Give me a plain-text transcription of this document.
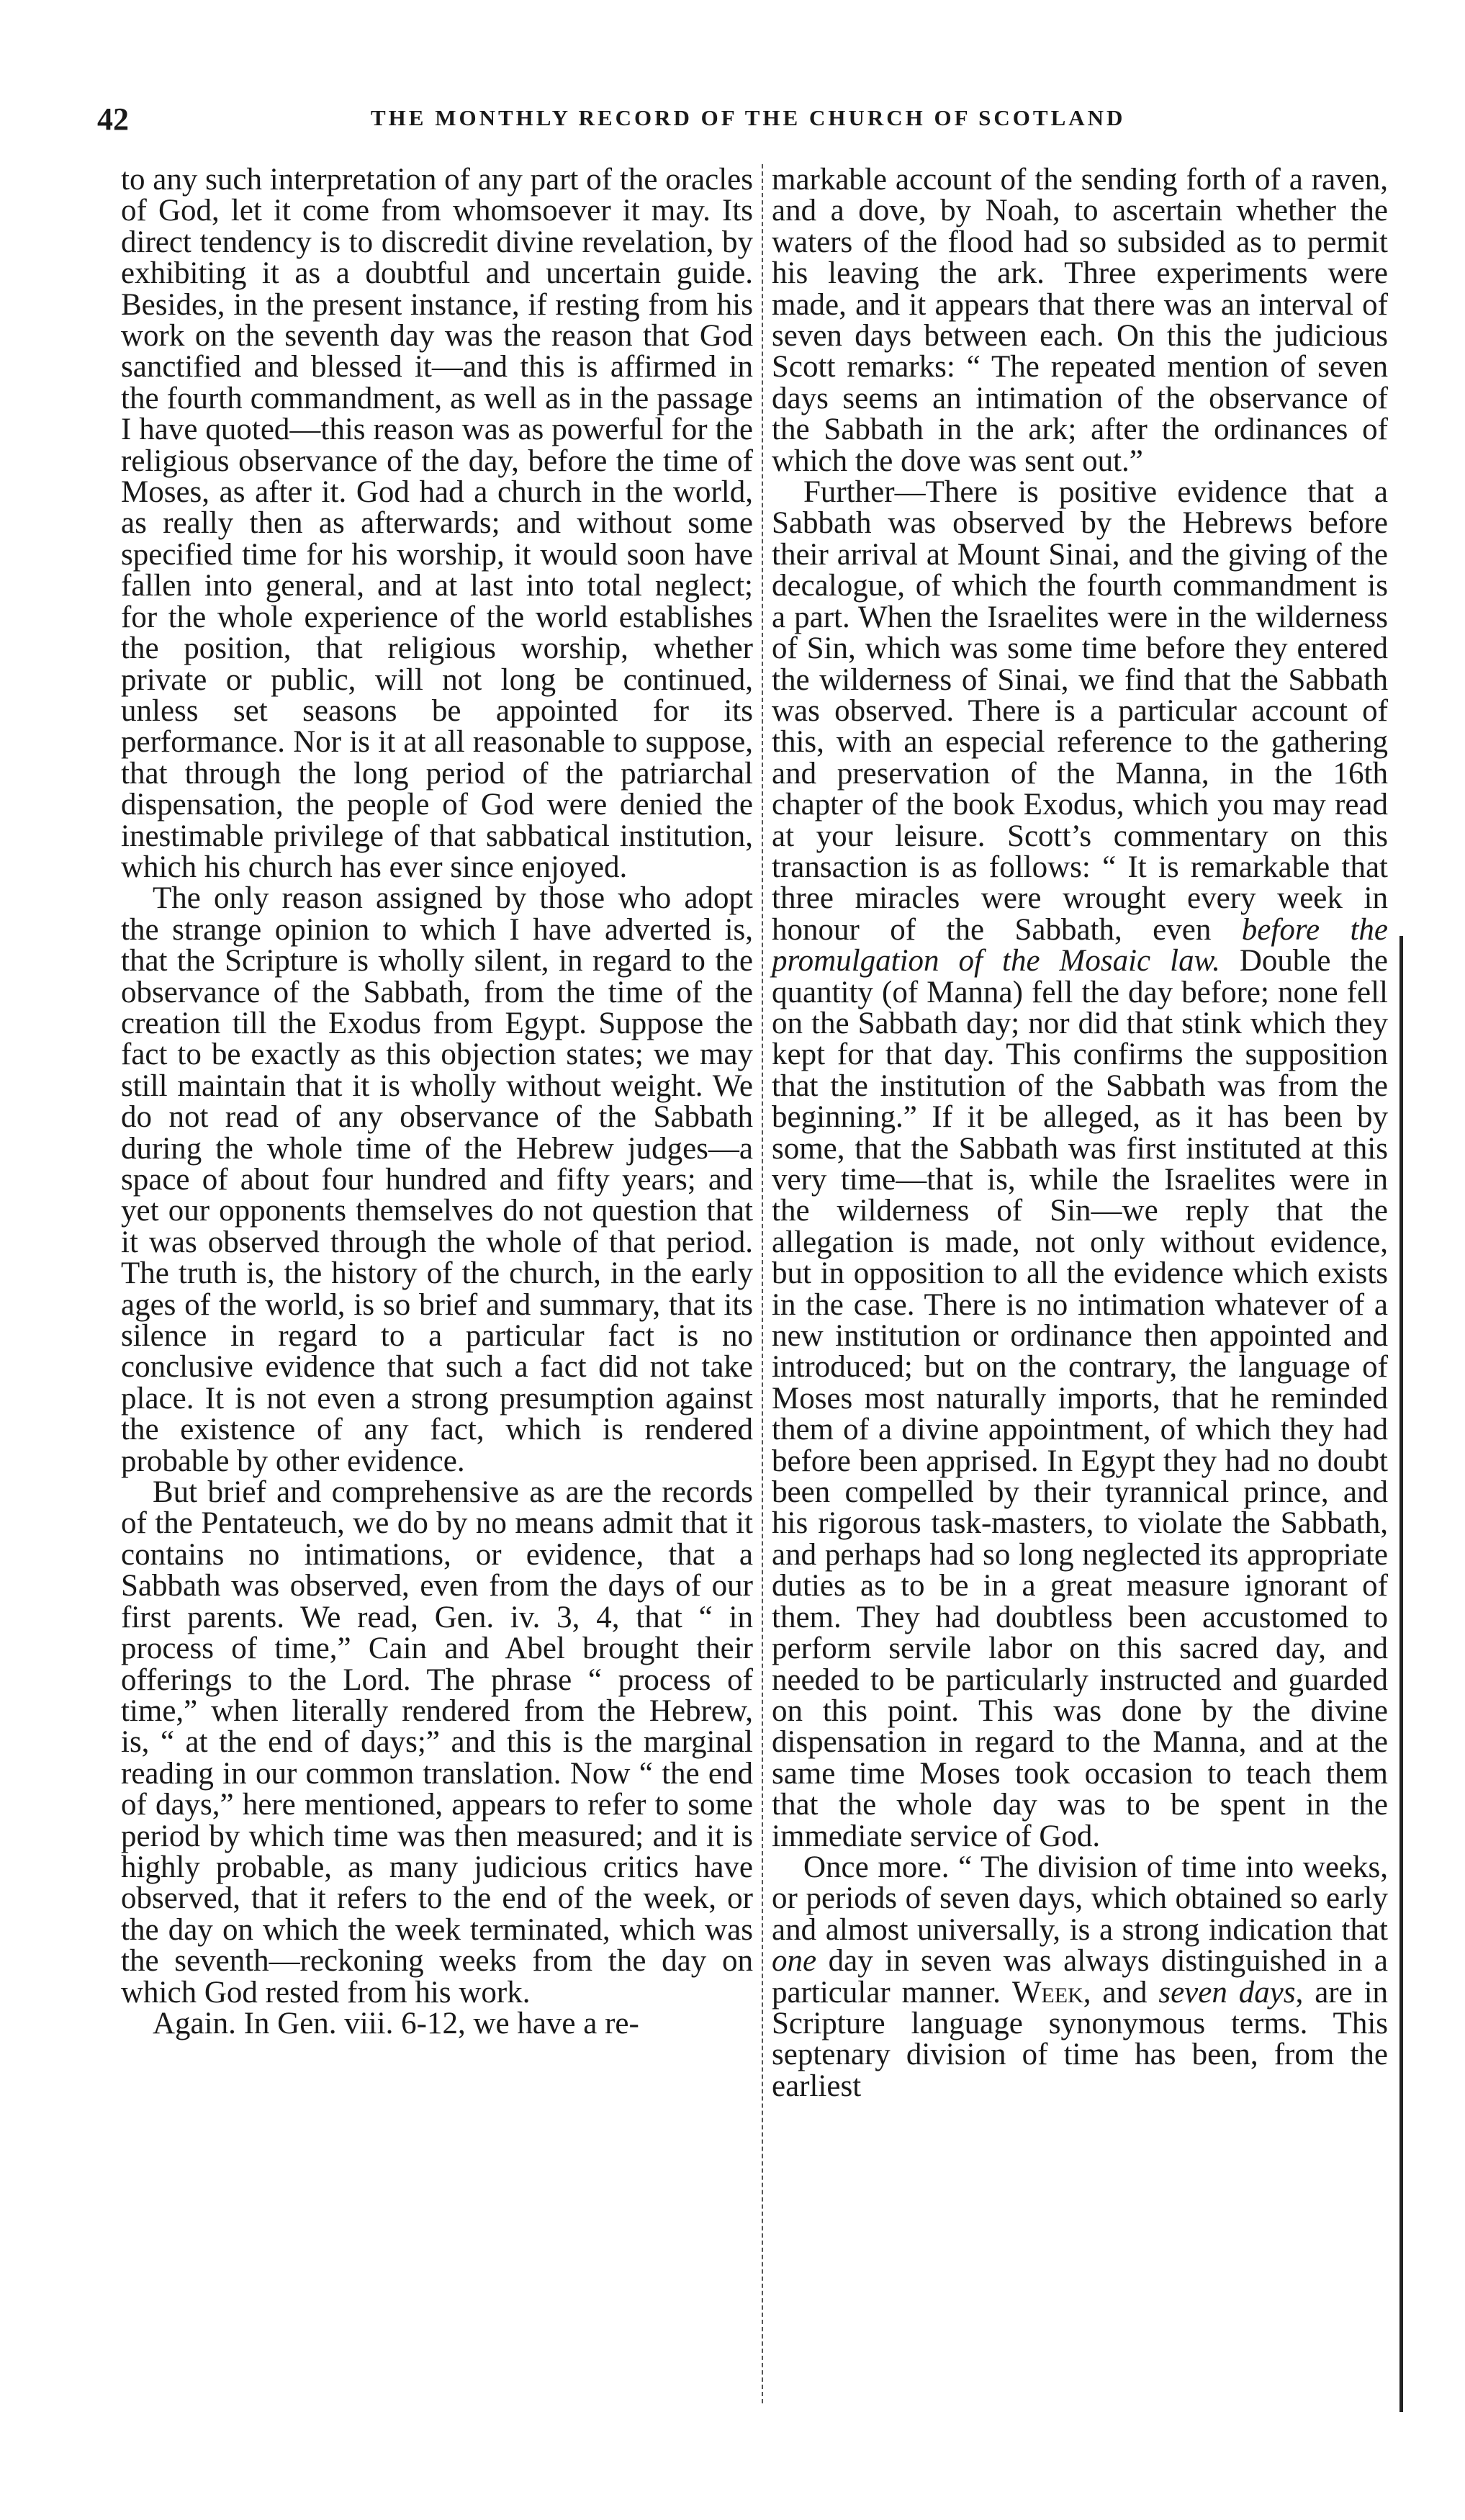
42	THE MONTHLY RECORD OF THE CHURCH OF SCOTLAND

to any such interpretation of any part of the oracles of God, let it come from whomsoever it may. Its direct tendency is to discredit divine revelation, by exhibiting it as a doubtful and uncertain guide. Besides, in the present instance, if resting from his work on the seventh day was the reason that God sanctified and blessed it—and this is affirmed in the fourth commandment, as well as in the passage I have quoted—this reason was as powerful for the religious observance of the day, before the time of Moses, as after it. God had a church in the world, as really then as afterwards; and without some specified time for his worship, it would soon have fallen into general, and at last into total neglect; for the whole experience of the world establishes the position, that religious worship, whether private or public, will not long be continued, unless set seasons be appointed for its performance. Nor is it at all reasonable to suppose, that through the long period of the patriarchal dispensation, the people of God were denied the inestimable privilege of that sabbatical institution, which his church has ever since enjoyed.

The only reason assigned by those who adopt the strange opinion to which I have adverted is, that the Scripture is wholly silent, in regard to the observance of the Sabbath, from the time of the creation till the Exodus from Egypt. Suppose the fact to be exactly as this objection states; we may still maintain that it is wholly without weight. We do not read of any observance of the Sabbath during the whole time of the Hebrew judges—a space of about four hundred and fifty years; and yet our opponents themselves do not question that it was observed through the whole of that period. The truth is, the history of the church, in the early ages of the world, is so brief and summary, that its silence in regard to a particular fact is no conclusive evidence that such a fact did not take place. It is not even a strong presumption against the existence of any fact, which is rendered probable by other evidence.

But brief and comprehensive as are the records of the Pentateuch, we do by no means admit that it contains no intimations, or evidence, that a Sabbath was observed, even from the days of our first parents. We read, Gen. iv. 3, 4, that “ in process of time,” Cain and Abel brought their offerings to the Lord. The phrase “ process of time,” when literally rendered from the Hebrew, is, “ at the end of days;” and this is the marginal reading in our common translation. Now “ the end of days,” here mentioned, appears to refer to some period by which time was then measured; and it is highly probable, as many judicious critics have observed, that it refers to the end of the week, or the day on which the week terminated, which was the seventh—reckoning weeks from the day on which God rested from his work.

Again. In Gen. viii. 6-12, we have a re-

markable account of the sending forth of a raven, and a dove, by Noah, to ascertain whether the waters of the flood had so subsided as to permit his leaving the ark. Three experiments were made, and it appears that there was an interval of seven days between each. On this the judicious Scott remarks: “ The repeated mention of seven days seems an intimation of the observance of the Sabbath in the ark; after the ordinances of which the dove was sent out.”

Further—There is positive evidence that a Sabbath was observed by the Hebrews before their arrival at Mount Sinai, and the giving of the decalogue, of which the fourth commandment is a part. When the Israelites were in the wilderness of Sin, which was some time before they entered the wilderness of Sinai, we find that the Sabbath was observed. There is a particular account of this, with an especial reference to the gathering and preservation of the Manna, in the 16th chapter of the book Exodus, which you may read at your leisure. Scott’s commentary on this transaction is as follows: “ It is remarkable that three miracles were wrought every week in honour of the Sabbath, even before the promulgation of the Mosaic law. Double the quantity (of Manna) fell the day before; none fell on the Sabbath day; nor did that stink which they kept for that day. This confirms the supposition that the institution of the Sabbath was from the beginning.” If it be alleged, as it has been by some, that the Sabbath was first instituted at this very time—that is, while the Israelites were in the wilderness of Sin—we reply that the allegation is made, not only without evidence, but in opposition to all the evidence which exists in the case. There is no intimation whatever of a new institution or ordinance then appointed and introduced; but on the contrary, the language of Moses most naturally imports, that he reminded them of a divine appointment, of which they had before been apprised. In Egypt they had no doubt been compelled by their tyrannical prince, and his rigorous task-masters, to violate the Sabbath, and perhaps had so long neglected its appropriate duties as to be in a great measure ignorant of them. They had doubtless been accustomed to perform servile labor on this sacred day, and needed to be particularly instructed and guarded on this point. This was done by the divine dispensation in regard to the Manna, and at the same time Moses took occasion to teach them that the whole day was to be spent in the immediate service of God.

Once more. “ The division of time into weeks, or periods of seven days, which obtained so early and almost universally, is a strong indication that one day in seven was always distinguished in a particular manner. Week, and seven days, are in Scripture language synonymous terms. This septenary division of time has been, from the earliest
